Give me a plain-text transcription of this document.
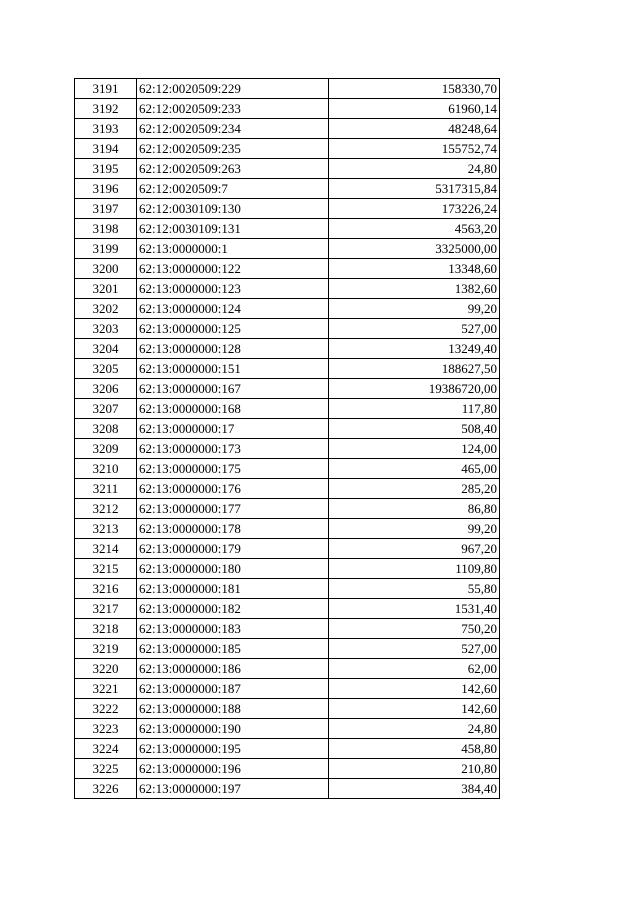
3191	62:12:0020509:229	158330,70
3192	62:12:0020509:233	61960,14
3193	62:12:0020509:234	48248,64
3194	62:12:0020509:235	155752,74
3195	62:12:0020509:263	24,80
3196	62:12:0020509:7	5317315,84
3197	62:12:0030109:130	173226,24
3198	62:12:0030109:131	4563,20
3199	62:13:0000000:1	3325000,00
3200	62:13:0000000:122	13348,60
3201	62:13:0000000:123	1382,60
3202	62:13:0000000:124	99,20
3203	62:13:0000000:125	527,00
3204	62:13:0000000:128	13249,40
3205	62:13:0000000:151	188627,50
3206	62:13:0000000:167	19386720,00
3207	62:13:0000000:168	117,80
3208	62:13:0000000:17	508,40
3209	62:13:0000000:173	124,00
3210	62:13:0000000:175	465,00
3211	62:13:0000000:176	285,20
3212	62:13:0000000:177	86,80
3213	62:13:0000000:178	99,20
3214	62:13:0000000:179	967,20
3215	62:13:0000000:180	1109,80
3216	62:13:0000000:181	55,80
3217	62:13:0000000:182	1531,40
3218	62:13:0000000:183	750,20
3219	62:13:0000000:185	527,00
3220	62:13:0000000:186	62,00
3221	62:13:0000000:187	142,60
3222	62:13:0000000:188	142,60
3223	62:13:0000000:190	24,80
3224	62:13:0000000:195	458,80
3225	62:13:0000000:196	210,80
3226	62:13:0000000:197	384,40
